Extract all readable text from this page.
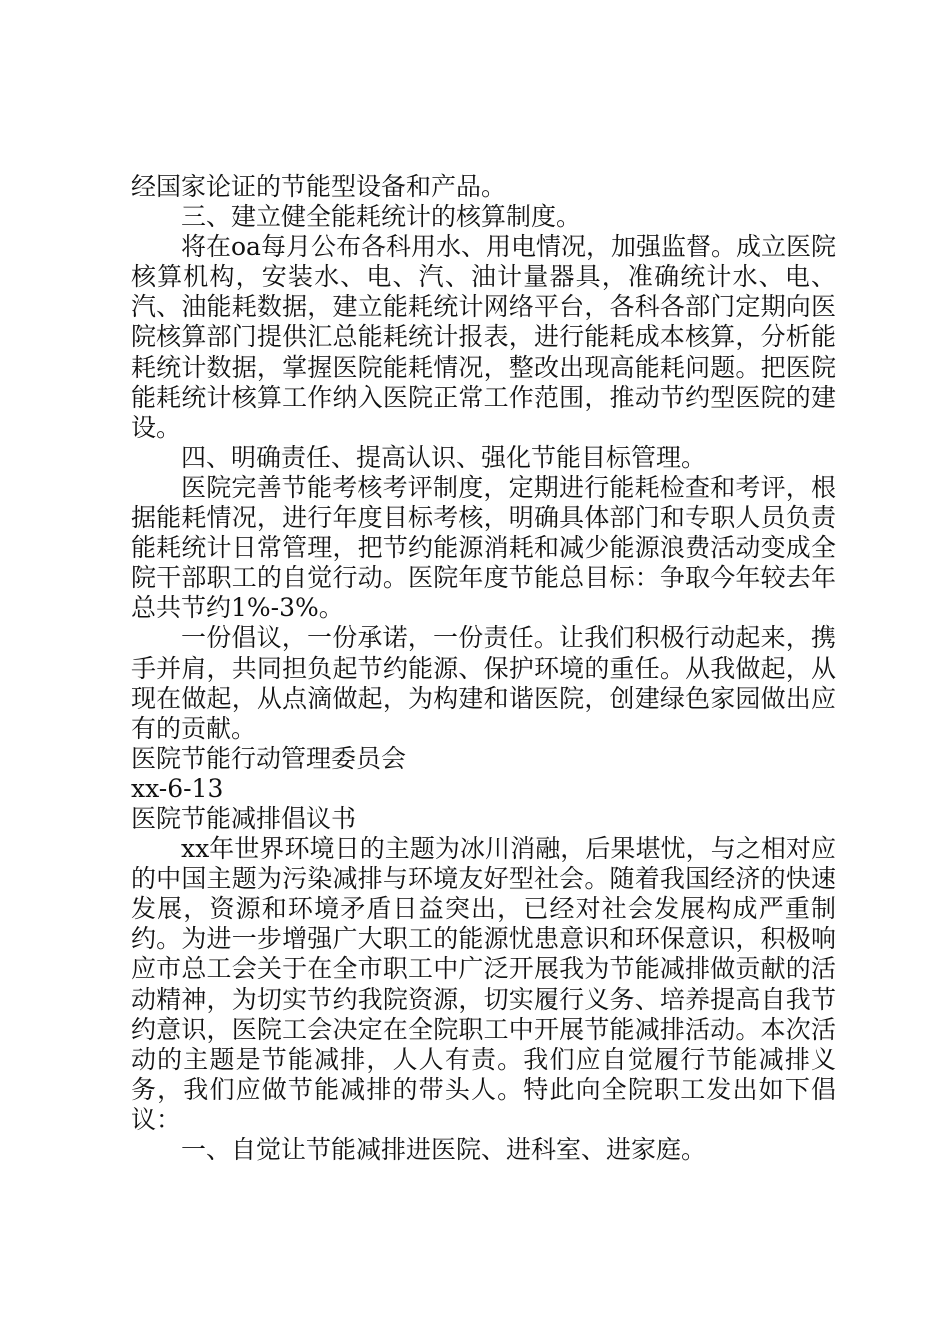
经国家论证的节能型设备和产品。

三、建立健全能耗统计的核算制度。

将在oa每月公布各科用水、用电情况，加强监督。成立医院核算机构，安装水、电、汽、油计量器具，准确统计水、电、汽、油能耗数据，建立能耗统计网络平台，各科各部门定期向医院核算部门提供汇总能耗统计报表，进行能耗成本核算，分析能耗统计数据，掌握医院能耗情况，整改出现高能耗问题。把医院能耗统计核算工作纳入医院正常工作范围，推动节约型医院的建设。

四、明确责任、提高认识、强化节能目标管理。

医院完善节能考核考评制度，定期进行能耗检查和考评，根据能耗情况，进行年度目标考核，明确具体部门和专职人员负责能耗统计日常管理，把节约能源消耗和减少能源浪费活动变成全院干部职工的自觉行动。医院年度节能总目标：争取今年较去年总共节约1%-3%。

一份倡议，一份承诺，一份责任。让我们积极行动起来，携手并肩，共同担负起节约能源、保护环境的重任。从我做起，从现在做起，从点滴做起，为构建和谐医院，创建绿色家园做出应有的贡献。

医院节能行动管理委员会

xx-6-13

医院节能减排倡议书

xx年世界环境日的主题为冰川消融，后果堪忧，与之相对应的中国主题为污染减排与环境友好型社会。随着我国经济的快速发展，资源和环境矛盾日益突出，已经对社会发展构成严重制约。为进一步增强广大职工的能源忧患意识和环保意识，积极响应市总工会关于在全市职工中广泛开展我为节能减排做贡献的活动精神，为切实节约我院资源，切实履行义务、培养提高自我节约意识，医院工会决定在全院职工中开展节能减排活动。本次活动的主题是节能减排，人人有责。我们应自觉履行节能减排义务，我们应做节能减排的带头人。特此向全院职工发出如下倡议：

一、自觉让节能减排进医院、进科室、进家庭。
